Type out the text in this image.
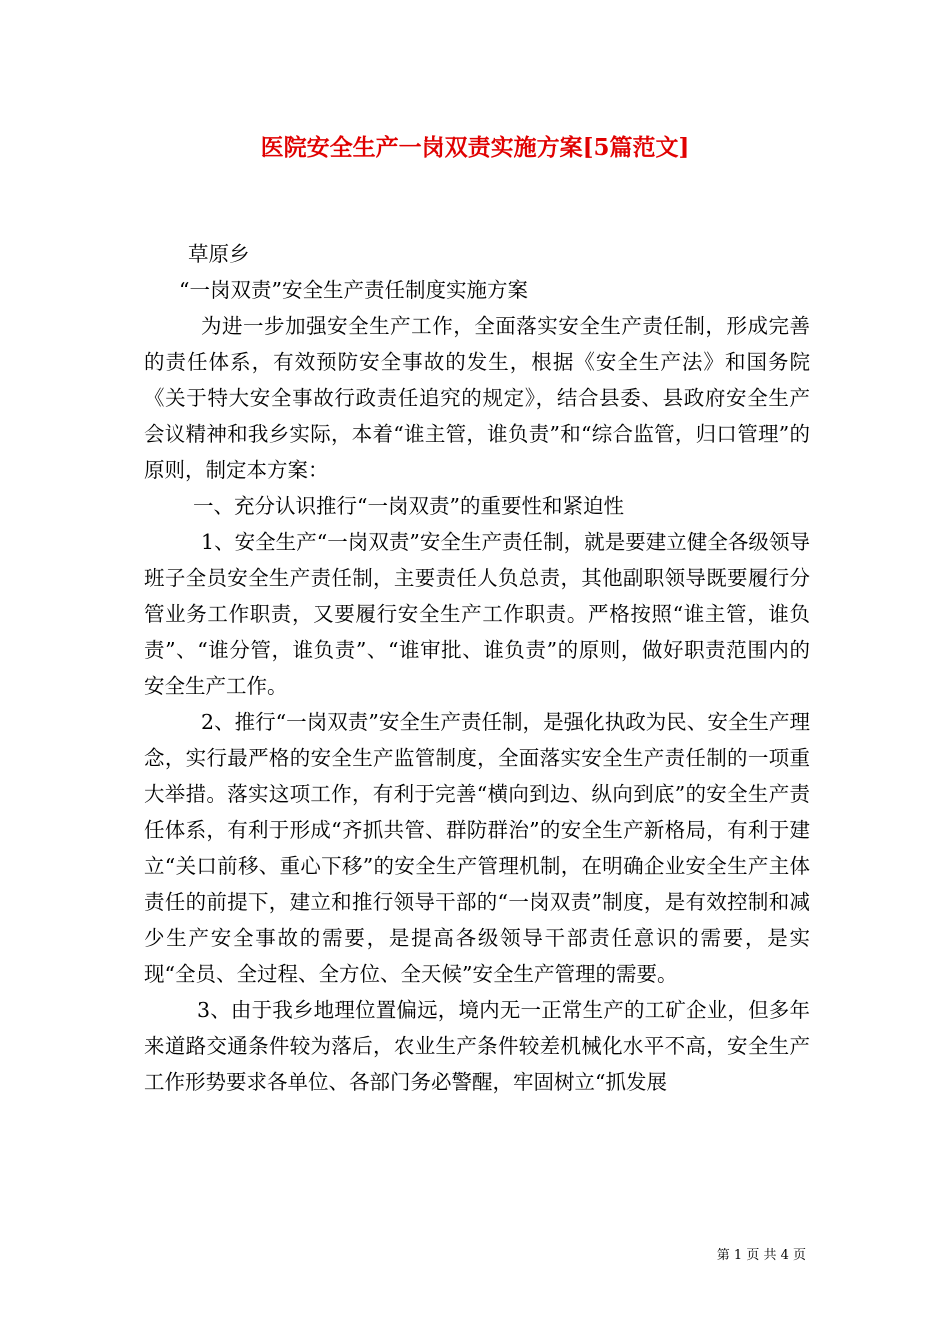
医院安全生产一岗双责实施方案[5篇范文]

草原乡

“一岗双责”安全生产责任制度实施方案

为进一步加强安全生产工作，全面落实安全生产责任制，形成完善的责任体系，有效预防安全事故的发生，根据《安全生产法》和国务院《关于特大安全事故行政责任追究的规定》，结合县委、县政府安全生产会议精神和我乡实际，本着“谁主管，谁负责”和“综合监管，归口管理”的原则，制定本方案：

一、充分认识推行“一岗双责”的重要性和紧迫性

1、安全生产“一岗双责”安全生产责任制，就是要建立健全各级领导班子全员安全生产责任制，主要责任人负总责，其他副职领导既要履行分管业务工作职责，又要履行安全生产工作职责。严格按照“谁主管，谁负责”、“谁分管，谁负责”、“谁审批、谁负责”的原则，做好职责范围内的安全生产工作。

2、推行“一岗双责”安全生产责任制，是强化执政为民、安全生产理念，实行最严格的安全生产监管制度，全面落实安全生产责任制的一项重大举措。落实这项工作，有利于完善“横向到边、纵向到底”的安全生产责任体系，有利于形成“齐抓共管、群防群治”的安全生产新格局，有利于建立“关口前移、重心下移”的安全生产管理机制，在明确企业安全生产主体责任的前提下，建立和推行领导干部的“一岗双责”制度，是有效控制和减少生产安全事故的需要，是提高各级领导干部责任意识的需要，是实现“全员、全过程、全方位、全天候”安全生产管理的需要。

3、由于我乡地理位置偏远，境内无一正常生产的工矿企业，但多年来道路交通条件较为落后，农业生产条件较差机械化水平不高，安全生产工作形势要求各单位、各部门务必警醒，牢固树立“抓发展

第 1 页 共 4 页
